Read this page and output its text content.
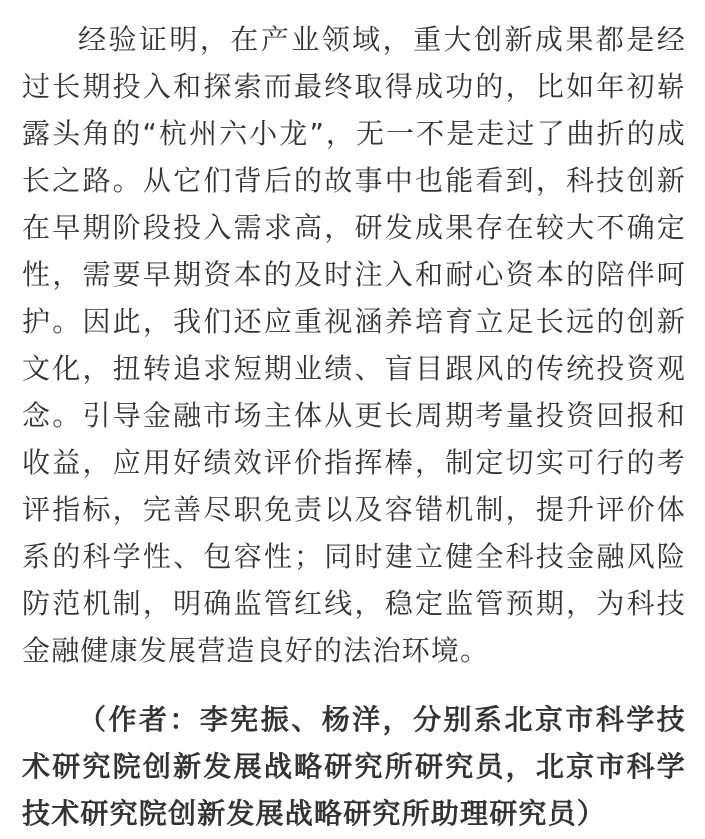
经验证明，在产业领域，重大创新成果都是经过长期投入和探索而最终取得成功的，比如年初崭露头角的“杭州六小龙”，无一不是走过了曲折的成长之路。从它们背后的故事中也能看到，科技创新在早期阶段投入需求高，研发成果存在较大不确定性，需要早期资本的及时注入和耐心资本的陪伴呵护。因此，我们还应重视涵养培育立足长远的创新文化，扭转追求短期业绩、盲目跟风的传统投资观念。引导金融市场主体从更长周期考量投资回报和收益，应用好绩效评价指挥棒，制定切实可行的考评指标，完善尽职免责以及容错机制，提升评价体系的科学性、包容性；同时建立健全科技金融风险防范机制，明确监管红线，稳定监管预期，为科技金融健康发展营造良好的法治环境。

（作者：李宪振、杨洋，分别系北京市科学技术研究院创新发展战略研究所研究员，北京市科学技术研究院创新发展战略研究所助理研究员）
